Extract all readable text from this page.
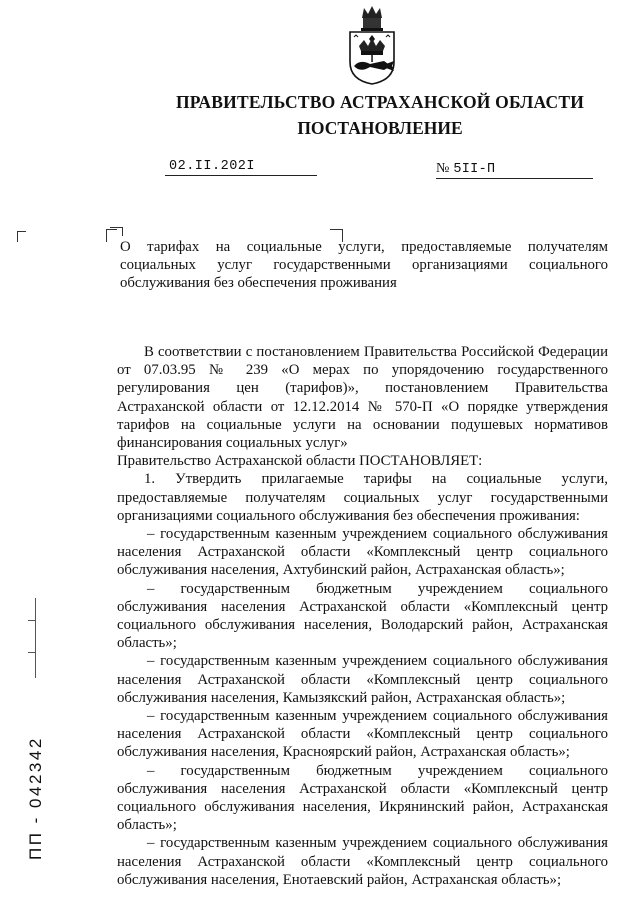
ПРАВИТЕЛЬСТВО АСТРАХАНСКОЙ ОБЛАСТИ
ПОСТАНОВЛЕНИЕ
02.II.202I	№ 5II-П
О тарифах на социальные услуги, предоставляемые получателям социальных услуг государственными организациями социального обслуживания без обеспечения проживания

В соответствии с постановлением Правительства Российской Федерации от 07.03.95 № 239 «О мерах по упорядочению государственного регулирования цен (тарифов)», постановлением Правительства Астраханской области от 12.12.2014 № 570-П «О порядке утверждения тарифов на социальные услуги на основании подушевых нормативов финансирования социальных услуг»

Правительство Астраханской области ПОСТАНОВЛЯЕТ:

1. Утвердить прилагаемые тарифы на социальные услуги, предоставляемые получателям социальных услуг государственными организациями социального обслуживания без обеспечения проживания:

– государственным казенным учреждением социального обслуживания населения Астраханской области «Комплексный центр социального обслуживания населения, Ахтубинский район, Астраханская область»;

– государственным бюджетным учреждением социального обслуживания населения Астраханской области «Комплексный центр социального обслуживания населения, Володарский район, Астраханская область»;

– государственным казенным учреждением социального обслуживания населения Астраханской области «Комплексный центр социального обслуживания населения, Камызякский район, Астраханская область»;

– государственным казенным учреждением социального обслуживания населения Астраханской области «Комплексный центр социального обслуживания населения, Красноярский район, Астраханская область»;

– государственным бюджетным учреждением социального обслуживания населения Астраханской области «Комплексный центр социального обслуживания населения, Икрянинский район, Астраханская область»;

– государственным казенным учреждением социального обслуживания населения Астраханской области «Комплексный центр социального обслуживания населения, Енотаевский район, Астраханская область»;

ПП - 042342
